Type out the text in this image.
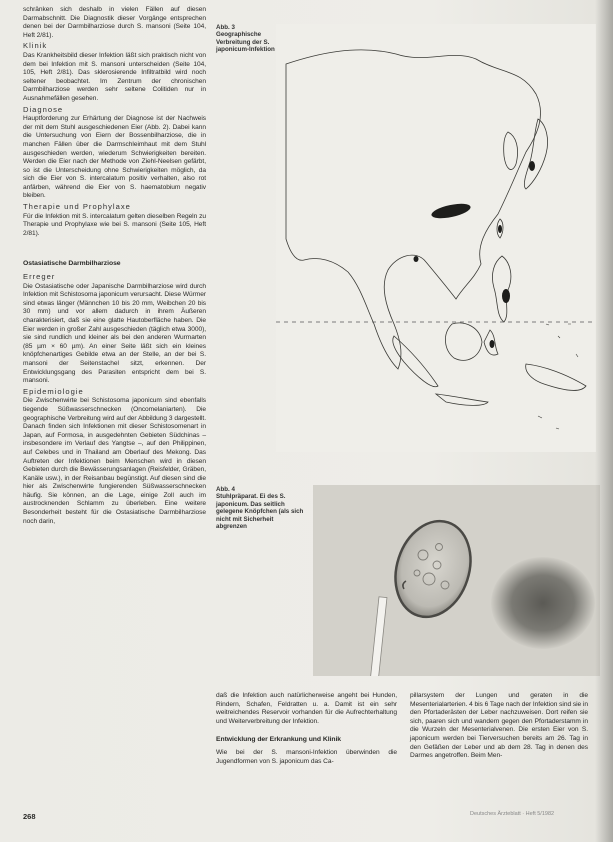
schränken sich deshalb in vielen Fällen auf diesen Darmabschnitt. Die Diagnostik dieser Vorgänge entsprechen denen bei der Darmbilharziose durch S. mansoni (Seite 104, Heft 2/81).

Klinik

Das Krankheitsbild dieser Infektion läßt sich praktisch nicht von dem bei Infektion mit S. mansoni unterscheiden (Seite 104, 105, Heft 2/81). Das sklerosierende Infiltratbild wird noch seltener beobachtet. Im Zentrum der chronischen Darmbilharziose werden sehr seltene Colitiden nur in Ausnahmefällen gesehen.

Diagnose

Hauptforderung zur Erhärtung der Diagnose ist der Nachweis der mit dem Stuhl ausgeschiedenen Eier (Abb. 2). Dabei kann die Untersuchung von Eiern der Bossenbilharziose, die in manchen Fällen über die Darmschleimhaut mit dem Stuhl ausgeschieden werden, wiederum Schwierigkeiten bereiten. Werden die Eier nach der Methode von Ziehl-Neelsen gefärbt, so ist die Unterscheidung ohne Schwierigkeiten möglich, da sich die Eier von S. intercalatum positiv verhalten, also rot anfärben, während die Eier von S. haematobium negativ bleiben.

Therapie und Prophylaxe

Für die Infektion mit S. intercalatum gelten dieselben Regeln zu Therapie und Prophylaxe wie bei S. mansoni (Seite 105, Heft 2/81).

Ostasiatische Darmbilharziose
Erreger

Die Ostasiatische oder Japanische Darmbilharziose wird durch Infektion mit Schistosoma japonicum verursacht. Diese Würmer sind etwas länger (Männchen 10 bis 20 mm, Weibchen 20 bis 30 mm) und vor allem dadurch in ihrem Äußeren charakterisiert, daß sie eine glatte Hautoberfläche haben. Die Eier werden in großer Zahl ausgeschieden (täglich etwa 3000), sie sind rundlich und kleiner als bei den anderen Wurmarten (85 µm × 60 µm). An einer Seite läßt sich ein kleines knöpfchenartiges Gebilde etwa an der Stelle, an der bei S. mansoni der Seitenstachel sitzt, erkennen. Der Entwicklungsgang des Parasiten entspricht dem bei S. mansoni.

Epidemiologie

Die Zwischenwirte bei Schistosoma japonicum sind ebenfalls tiegende Süßwasserschnecken (Oncomelaniarten). Die geographische Verbreitung wird auf der Abbildung 3 dargestellt. Danach finden sich Infektionen mit dieser Schistosomenart in Japan, auf Formosa, in ausgedehnten Gebieten Südchinas – insbesondere im Verlauf des Yangtse –, auf den Philippinen, auf Celebes und in Thailand am Oberlauf des Mekong. Das Auftreten der Infektionen beim Menschen wird in diesen Gebieten durch die Bewässerungsanlagen (Reisfelder, Gräben, Kanäle usw.), in der Reisanbau begünstigt. Auf diesen sind die hier als Zwischenwirte fungierenden Süßwasserschnecken häufig. Sie können, an die Lage, einige Zoll auch im austrocknenden Schlamm zu überleben. Eine weitere Besonderheit besteht für die Ostasiatische Darmbilharziose noch darin,

Abb. 3
Geographische Verbreitung der S. japonicum-Infektion
Abb. 4
Stuhlpräparat. Ei des S. japonicum. Das seitlich gelegene Knöpfchen (als sich nicht mit Sicherheit abgrenzen

daß die Infektion auch natürlicherweise angeht bei Hunden, Rindern, Schafen, Feldratten u. a. Damit ist ein sehr weitreichendes Reservoir vorhanden für die Aufrechterhaltung und Weiterverbreitung der Infektion.

Entwicklung der Erkrankung und Klinik

Wie bei der S. mansoni-Infektion überwinden die Jugendformen von S. japonicum das Ca-

pillarsystem der Lungen und geraten in die Mesenterialarterien. 4 bis 6 Tage nach der Infektion sind sie in den Pfortaderästen der Leber nachzuweisen. Dort reifen sie sich, paaren sich und wandern gegen den Pfortaderstamm in die Wurzeln der Mesenterialvenen. Die ersten Eier von S. japonicum werden bei Tierversuchen bereits am 26. Tag in den Gefäßen der Leber und ab dem 28. Tag in denen des Darmes angetroffen. Beim Men-

268	Deutsches Ärzteblatt · Heft 5/1982
